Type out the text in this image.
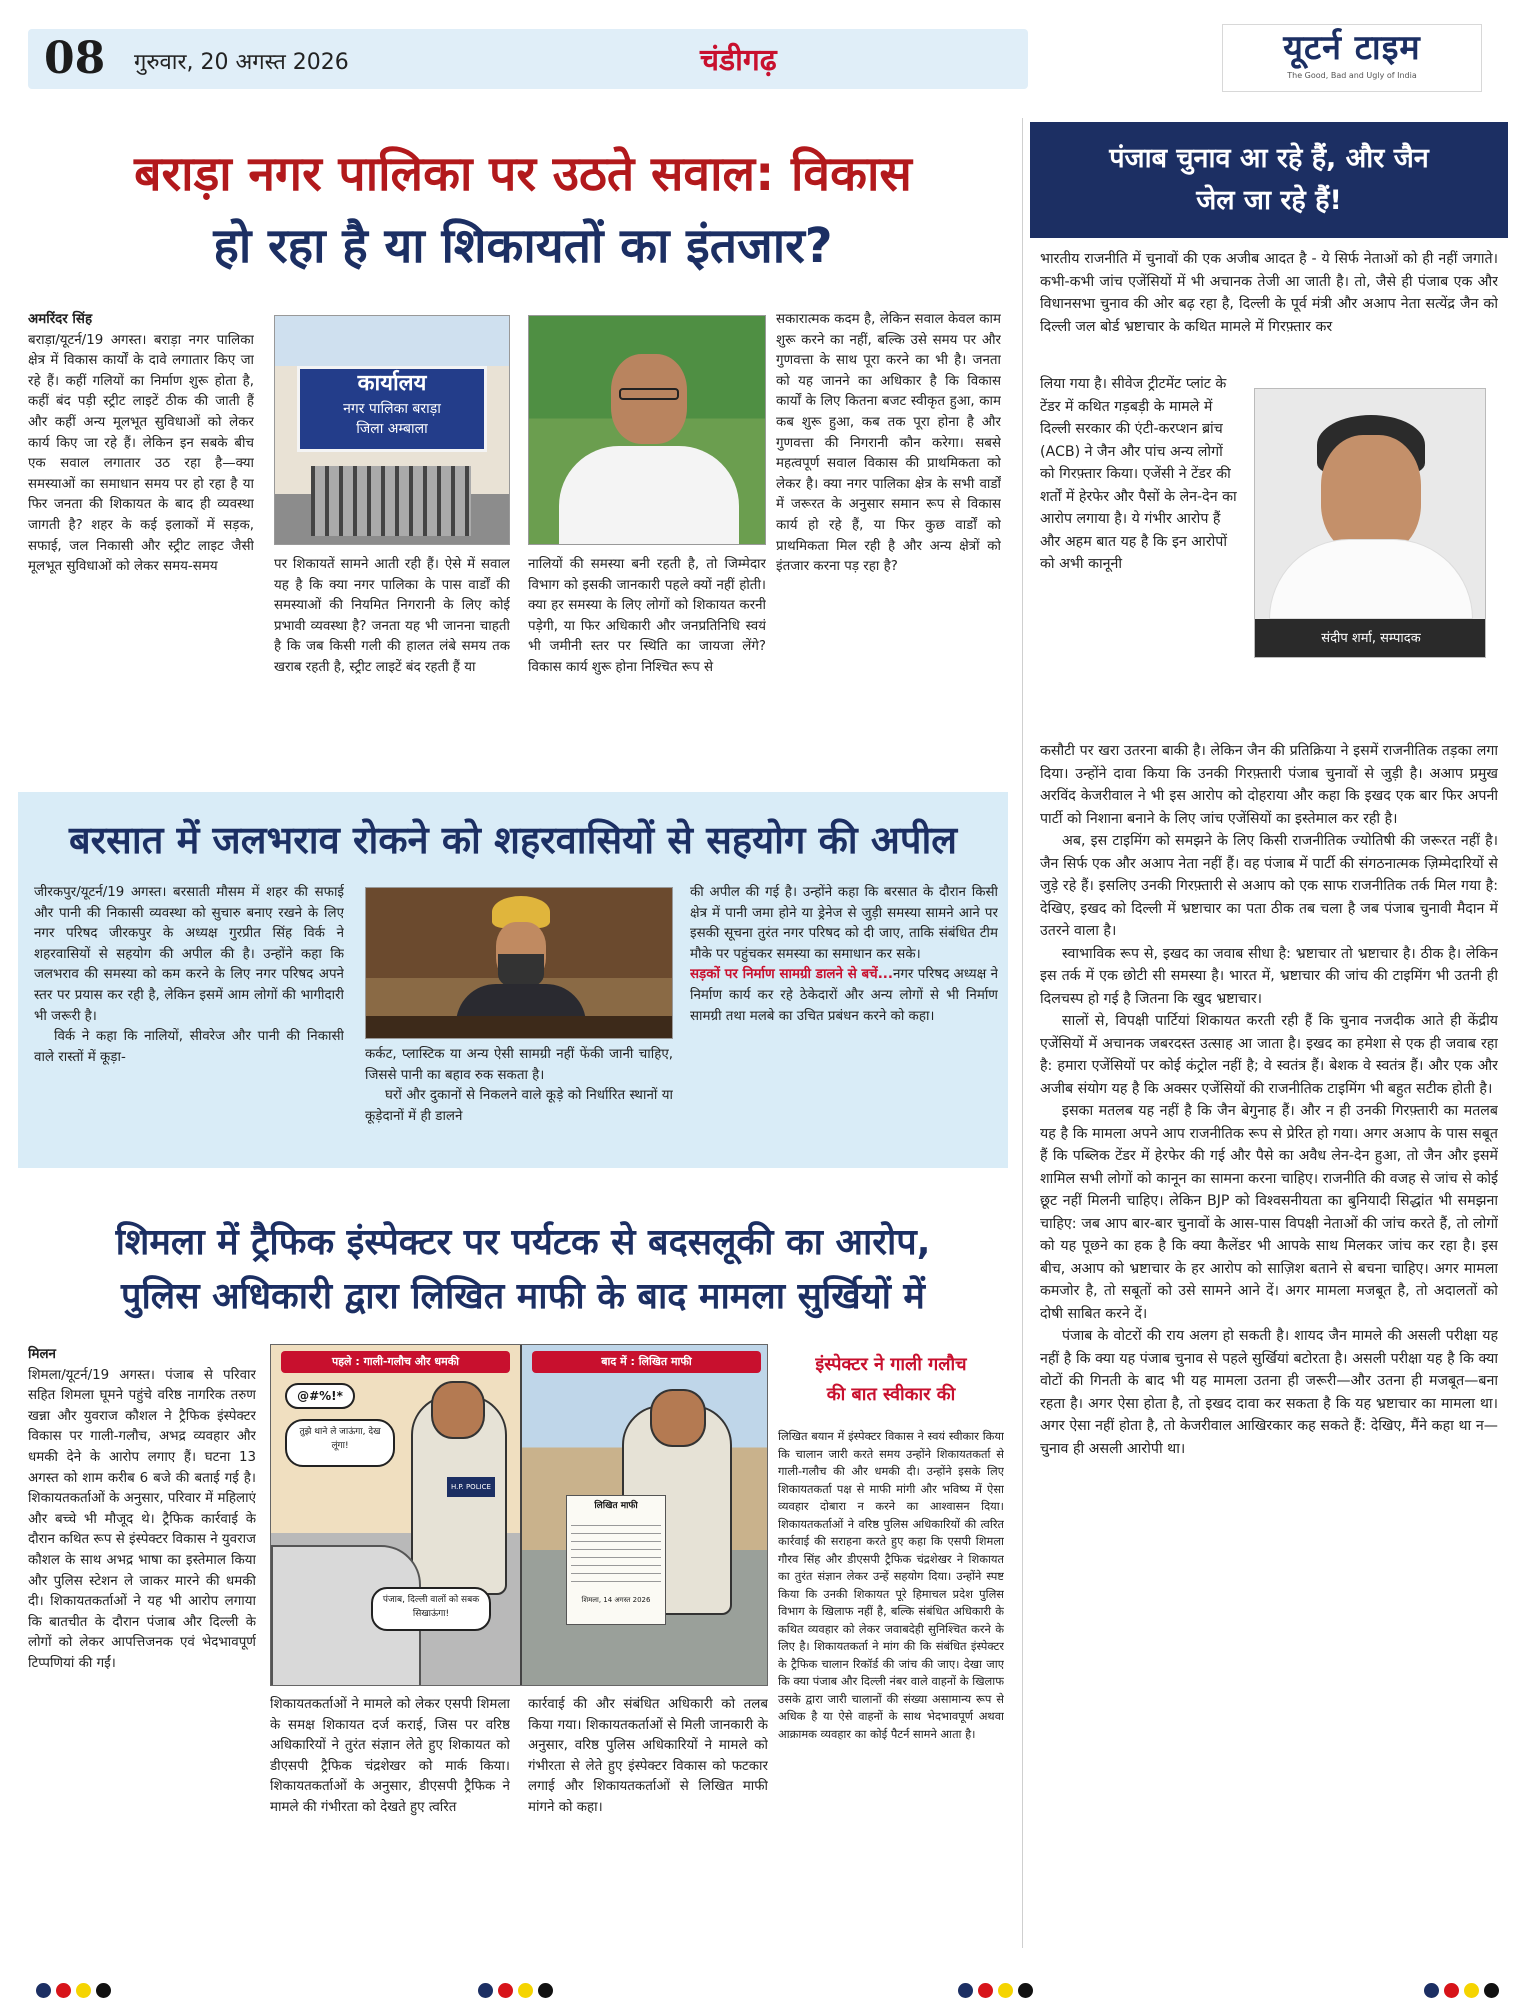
08 गुरुवार, 20 अगस्त 2026	चंडीगढ़	यूटर्न टाइम
The Good, Bad and Ugly of India
बराड़ा नगर पालिका पर उठते सवाल: विकास
हो रहा है या शिकायतों का इंतजार?

अमरिंदर सिंह

बराड़ा/यूटर्न/19 अगस्त। बराड़ा नगर पालिका क्षेत्र में विकास कार्यों के दावे लगातार किए जा रहे हैं। कहीं गलियों का निर्माण शुरू होता है, कहीं बंद पड़ी स्ट्रीट लाइटें ठीक की जाती हैं और कहीं अन्य मूलभूत सुविधाओं को लेकर कार्य किए जा रहे हैं। लेकिन इन सबके बीच एक सवाल लगातार उठ रहा है—क्या समस्याओं का समाधान समय पर हो रहा है या फिर जनता की शिकायत के बाद ही व्यवस्था जागती है? शहर के कई इलाकों में सड़क, सफाई, जल निकासी और स्ट्रीट लाइट जैसी मूलभूत सुविधाओं को लेकर समय-समय

कार्यालय
नगर पालिका बराड़ा
जिला अम्बाला

पर शिकायतें सामने आती रही हैं। ऐसे में सवाल यह है कि क्या नगर पालिका के पास वार्डों की समस्याओं की नियमित निगरानी के लिए कोई प्रभावी व्यवस्था है? जनता यह भी जानना चाहती है कि जब किसी गली की हालत लंबे समय तक खराब रहती है, स्ट्रीट लाइटें बंद रहती हैं या

नालियों की समस्या बनी रहती है, तो जिम्मेदार विभाग को इसकी जानकारी पहले क्यों नहीं होती। क्या हर समस्या के लिए लोगों को शिकायत करनी पड़ेगी, या फिर अधिकारी और जनप्रतिनिधि स्वयं भी जमीनी स्तर पर स्थिति का जायजा लेंगे? विकास कार्य शुरू होना निश्चित रूप से

सकारात्मक कदम है, लेकिन सवाल केवल काम शुरू करने का नहीं, बल्कि उसे समय पर और गुणवत्ता के साथ पूरा करने का भी है। जनता को यह जानने का अधिकार है कि विकास कार्यों के लिए कितना बजट स्वीकृत हुआ, काम कब शुरू हुआ, कब तक पूरा होना है और गुणवत्ता की निगरानी कौन करेगा। सबसे महत्वपूर्ण सवाल विकास की प्राथमिकता को लेकर है। क्या नगर पालिका क्षेत्र के सभी वार्डों में जरूरत के अनुसार समान रूप से विकास कार्य हो रहे हैं, या फिर कुछ वार्डों को प्राथमिकता मिल रही है और अन्य क्षेत्रों को इंतजार करना पड़ रहा है?

बरसात में जलभराव रोकने को शहरवासियों से सहयोग की अपील

जीरकपुर/यूटर्न/19 अगस्त। बरसाती मौसम में शहर की सफाई और पानी की निकासी व्यवस्था को सुचारु बनाए रखने के लिए नगर परिषद जीरकपुर के अध्यक्ष गुरप्रीत सिंह विर्क ने शहरवासियों से सहयोग की अपील की है। उन्होंने कहा कि जलभराव की समस्या को कम करने के लिए नगर परिषद अपने स्तर पर प्रयास कर रही है, लेकिन इसमें आम लोगों की भागीदारी भी जरूरी है।

विर्क ने कहा कि नालियों, सीवरेज और पानी की निकासी वाले रास्तों में कूड़ा-	कर्कट, प्लास्टिक या अन्य ऐसी सामग्री नहीं फेंकी जानी चाहिए, जिससे पानी का बहाव रुक सकता है।

घरों और दुकानों से निकलने वाले कूड़े को निर्धारित स्थानों या कूड़ेदानों में ही डालने

की अपील की गई है। उन्होंने कहा कि बरसात के दौरान किसी क्षेत्र में पानी जमा होने या ड्रेनेज से जुड़ी समस्या सामने आने पर इसकी सूचना तुरंत नगर परिषद को दी जाए, ताकि संबंधित टीम मौके पर पहुंचकर समस्या का समाधान कर सके।

सड़कों पर निर्माण सामग्री डालने से बचें...नगर परिषद अध्यक्ष ने निर्माण कार्य कर रहे ठेकेदारों और अन्य लोगों से भी निर्माण सामग्री तथा मलबे का उचित प्रबंधन करने को कहा।

शिमला में ट्रैफिक इंस्पेक्टर पर पर्यटक से बदसलूकी का आरोप,
पुलिस अधिकारी द्वारा लिखित माफी के बाद मामला सुर्खियों में

मिलन

शिमला/यूटर्न/19 अगस्त। पंजाब से परिवार सहित शिमला घूमने पहुंचे वरिष्ठ नागरिक तरुण खन्ना और युवराज कौशल ने ट्रैफिक इंस्पेक्टर विकास पर गाली-गलौच, अभद्र व्यवहार और धमकी देने के आरोप लगाए हैं। घटना 13 अगस्त को शाम करीब 6 बजे की बताई गई है। शिकायतकर्ताओं के अनुसार, परिवार में महिलाएं और बच्चे भी मौजूद थे। ट्रैफिक कार्रवाई के दौरान कथित रूप से इंस्पेक्टर विकास ने युवराज कौशल के साथ अभद्र भाषा का इस्तेमाल किया और पुलिस स्टेशन ले जाकर मारने की धमकी दी। शिकायतकर्ताओं ने यह भी आरोप लगाया कि बातचीत के दौरान पंजाब और दिल्ली के लोगों को लेकर आपत्तिजनक एवं भेदभावपूर्ण टिप्पणियां की गईं।

पहले : गाली-गलौच और धमकी
@#%!*
तुझे थाने ले जाऊंगा, देख लूंगा!
H.P. POLICE
पंजाब, दिल्ली वालों को सबक सिखाऊंगा!
बाद में : लिखित माफी
लिखित माफी
शिमला, 14 अगस्त 2026

शिकायतकर्ताओं ने मामले को लेकर एसपी शिमला के समक्ष शिकायत दर्ज कराई, जिस पर वरिष्ठ अधिकारियों ने तुरंत संज्ञान लेते हुए शिकायत को डीएसपी ट्रैफिक चंद्रशेखर को मार्क किया। शिकायतकर्ताओं के अनुसार, डीएसपी ट्रैफिक ने मामले की गंभीरता को देखते हुए त्वरित

कार्रवाई की और संबंधित अधिकारी को तलब किया गया। शिकायतकर्ताओं से मिली जानकारी के अनुसार, वरिष्ठ पुलिस अधिकारियों ने मामले को गंभीरता से लेते हुए इंस्पेक्टर विकास को फटकार लगाई और शिकायतकर्ताओं से लिखित माफी मांगने को कहा।

इंस्पेक्टर ने गाली गलौच
की बात स्वीकार की

लिखित बयान में इंस्पेक्टर विकास ने स्वयं स्वीकार किया कि चालान जारी करते समय उन्होंने शिकायतकर्ता से गाली-गलौच की और धमकी दी। उन्होंने इसके लिए शिकायतकर्ता पक्ष से माफी मांगी और भविष्य में ऐसा व्यवहार दोबारा न करने का आश्वासन दिया। शिकायतकर्ताओं ने वरिष्ठ पुलिस अधिकारियों की त्वरित कार्रवाई की सराहना करते हुए कहा कि एसपी शिमला गौरव सिंह और डीएसपी ट्रैफिक चंद्रशेखर ने शिकायत का तुरंत संज्ञान लेकर उन्हें सहयोग दिया। उन्होंने स्पष्ट किया कि उनकी शिकायत पूरे हिमाचल प्रदेश पुलिस विभाग के खिलाफ नहीं है, बल्कि संबंधित अधिकारी के कथित व्यवहार को लेकर जवाबदेही सुनिश्चित करने के लिए है। शिकायतकर्ता ने मांग की कि संबंधित इंस्पेक्टर के ट्रैफिक चालान रिकॉर्ड की जांच की जाए। देखा जाए कि क्या पंजाब और दिल्ली नंबर वाले वाहनों के खिलाफ उसके द्वारा जारी चालानों की संख्या असामान्य रूप से अधिक है या ऐसे वाहनों के साथ भेदभावपूर्ण अथवा आक्रामक व्यवहार का कोई पैटर्न सामने आता है।

पंजाब चुनाव आ रहे हैं, और जैन
जेल जा रहे हैं!

भारतीय राजनीति में चुनावों की एक अजीब आदत है - ये सिर्फ नेताओं को ही नहीं जगाते। कभी-कभी जांच एजेंसियों में भी अचानक तेजी आ जाती है। तो, जैसे ही पंजाब एक और विधानसभा चुनाव की ओर बढ़ रहा है, दिल्ली के पूर्व मंत्री और अआप नेता सत्येंद्र जैन को दिल्ली जल बोर्ड भ्रष्टाचार के कथित मामले में गिरफ़्तार कर

लिया गया है। सीवेज ट्रीटमेंट प्लांट के टेंडर में कथित गड़बड़ी के मामले में दिल्ली सरकार की एंटी-करप्शन ब्रांच (ACB) ने जैन और पांच अन्य लोगों को गिरफ़्तार किया। एजेंसी ने टेंडर की शर्तों में हेरफेर और पैसों के लेन-देन का आरोप लगाया है। ये गंभीर आरोप हैं और अहम बात यह है कि इन आरोपों को अभी कानूनी

संदीप शर्मा, सम्पादक

कसौटी पर खरा उतरना बाकी है। लेकिन जैन की प्रतिक्रिया ने इसमें राजनीतिक तड़का लगा दिया। उन्होंने दावा किया कि उनकी गिरफ़्तारी पंजाब चुनावों से जुड़ी है। अआप प्रमुख अरविंद केजरीवाल ने भी इस आरोप को दोहराया और कहा कि इखद एक बार फिर अपनी पार्टी को निशाना बनाने के लिए जांच एजेंसियों का इस्तेमाल कर रही है।

अब, इस टाइमिंग को समझने के लिए किसी राजनीतिक ज्योतिषी की जरूरत नहीं है। जैन सिर्फ एक और अआप नेता नहीं हैं। वह पंजाब में पार्टी की संगठनात्मक ज़िम्मेदारियों से जुड़े रहे हैं। इसलिए उनकी गिरफ़्तारी से अआप को एक साफ राजनीतिक तर्क मिल गया है: देखिए, इखद को दिल्ली में भ्रष्टाचार का पता ठीक तब चला है जब पंजाब चुनावी मैदान में उतरने वाला है।

स्वाभाविक रूप से, इखद का जवाब सीधा है: भ्रष्टाचार तो भ्रष्टाचार है। ठीक है। लेकिन इस तर्क में एक छोटी सी समस्या है। भारत में, भ्रष्टाचार की जांच की टाइमिंग भी उतनी ही दिलचस्प हो गई है जितना कि खुद भ्रष्टाचार।

सालों से, विपक्षी पार्टियां शिकायत करती रही हैं कि चुनाव नजदीक आते ही केंद्रीय एजेंसियों में अचानक जबरदस्त उत्साह आ जाता है। इखद का हमेशा से एक ही जवाब रहा है: हमारा एजेंसियों पर कोई कंट्रोल नहीं है; वे स्वतंत्र हैं। बेशक वे स्वतंत्र हैं। और एक और अजीब संयोग यह है कि अक्सर एजेंसियों की राजनीतिक टाइमिंग भी बहुत सटीक होती है।

इसका मतलब यह नहीं है कि जैन बेगुनाह हैं। और न ही उनकी गिरफ़्तारी का मतलब यह है कि मामला अपने आप राजनीतिक रूप से प्रेरित हो गया। अगर अआप के पास सबूत हैं कि पब्लिक टेंडर में हेरफेर की गई और पैसे का अवैध लेन-देन हुआ, तो जैन और इसमें शामिल सभी लोगों को कानून का सामना करना चाहिए। राजनीति की वजह से जांच से कोई छूट नहीं मिलनी चाहिए। लेकिन BJP को विश्वसनीयता का बुनियादी सिद्धांत भी समझना चाहिए: जब आप बार-बार चुनावों के आस-पास विपक्षी नेताओं की जांच करते हैं, तो लोगों को यह पूछने का हक है कि क्या कैलेंडर भी आपके साथ मिलकर जांच कर रहा है। इस बीच, अआप को भ्रष्टाचार के हर आरोप को साज़िश बताने से बचना चाहिए। अगर मामला कमजोर है, तो सबूतों को उसे सामने आने दें। अगर मामला मजबूत है, तो अदालतों को दोषी साबित करने दें।

पंजाब के वोटरों की राय अलग हो सकती है। शायद जैन मामले की असली परीक्षा यह नहीं है कि क्या यह पंजाब चुनाव से पहले सुर्खियां बटोरता है। असली परीक्षा यह है कि क्या वोटों की गिनती के बाद भी यह मामला उतना ही जरूरी—और उतना ही मजबूत—बना रहता है। अगर ऐसा होता है, तो इखद दावा कर सकता है कि यह भ्रष्टाचार का मामला था। अगर ऐसा नहीं होता है, तो केजरीवाल आखिरकार कह सकते हैं: देखिए, मैंने कहा था न—चुनाव ही असली आरोपी था।
